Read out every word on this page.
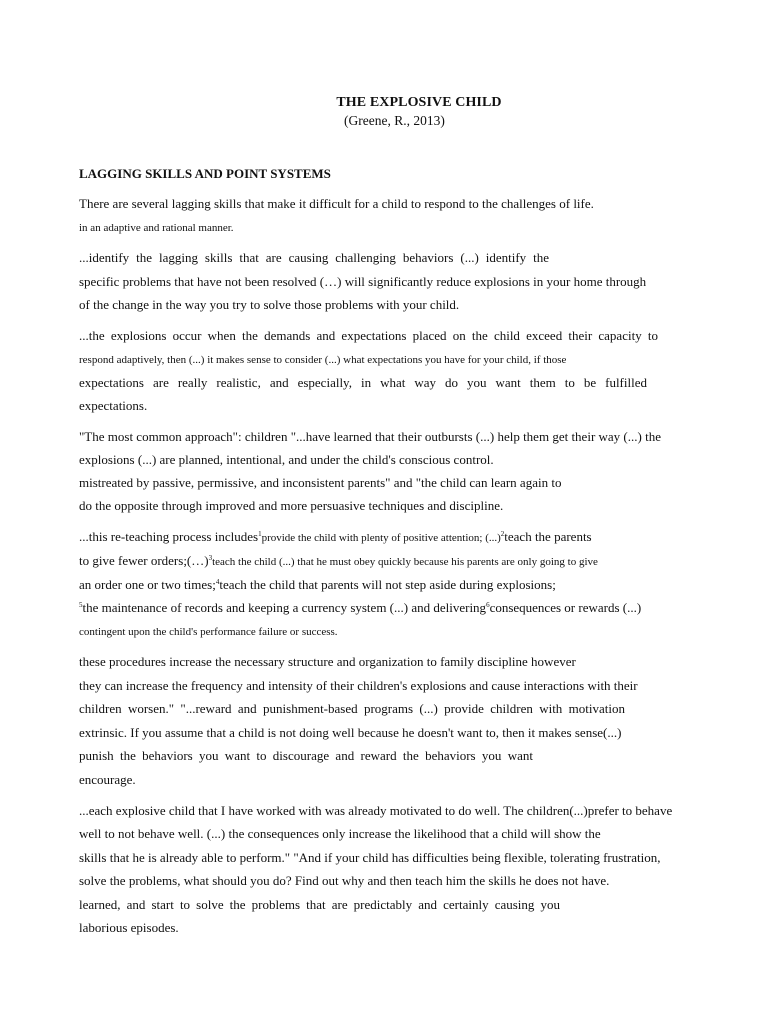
THE EXPLOSIVE CHILD
(Greene, R., 2013)
LAGGING SKILLS AND POINT SYSTEMS
There are several lagging skills that make it difficult for a child to respond to the challenges of life.
in an adaptive and rational manner.
...identify the lagging skills that are causing challenging behaviors (...) identify the
specific problems that have not been resolved (…) will significantly reduce explosions in your home through
of the change in the way you try to solve those problems with your child.
...the explosions occur when the demands and expectations placed on the child exceed their capacity to
respond adaptively, then (...) it makes sense to consider (...) what expectations you have for your child, if those
expectations are really realistic, and especially, in what way do you want them to be fulfilled
expectations.
"The most common approach": children "...have learned that their outbursts (...) help them get their way (...) the
explosions (...) are planned, intentional, and under the child's conscious control.
mistreated by passive, permissive, and inconsistent parents" and "the child can learn again to
do the opposite through improved and more persuasive techniques and discipline.
...this re-teaching process includes$^1$provide the child with plenty of positive attention; (...)$^2$teach the parents
to give fewer orders;(…)$^3$teach the child (...) that he must obey quickly because his parents are only going to give
an order one or two times;$^4$teach the child that parents will not step aside during explosions;
$^5$the maintenance of records and keeping a currency system (...) and delivering$^6$consequences or rewards (...)
contingent upon the child's performance failure or success.
these procedures increase the necessary structure and organization to family discipline however
they can increase the frequency and intensity of their children's explosions and cause interactions with their
children worsen." "...reward and punishment-based programs (...) provide children with motivation
extrinsic. If you assume that a child is not doing well because he doesn't want to, then it makes sense(...)
punish the behaviors you want to discourage and reward the behaviors you want
encourage.
...each explosive child that I have worked with was already motivated to do well. The children(...)prefer to behave
well to not behave well. (...) the consequences only increase the likelihood that a child will show the
skills that he is already able to perform." "And if your child has difficulties being flexible, tolerating frustration,
solve the problems, what should you do? Find out why and then teach him the skills he does not have.
learned, and start to solve the problems that are predictably and certainly causing you
laborious episodes.
